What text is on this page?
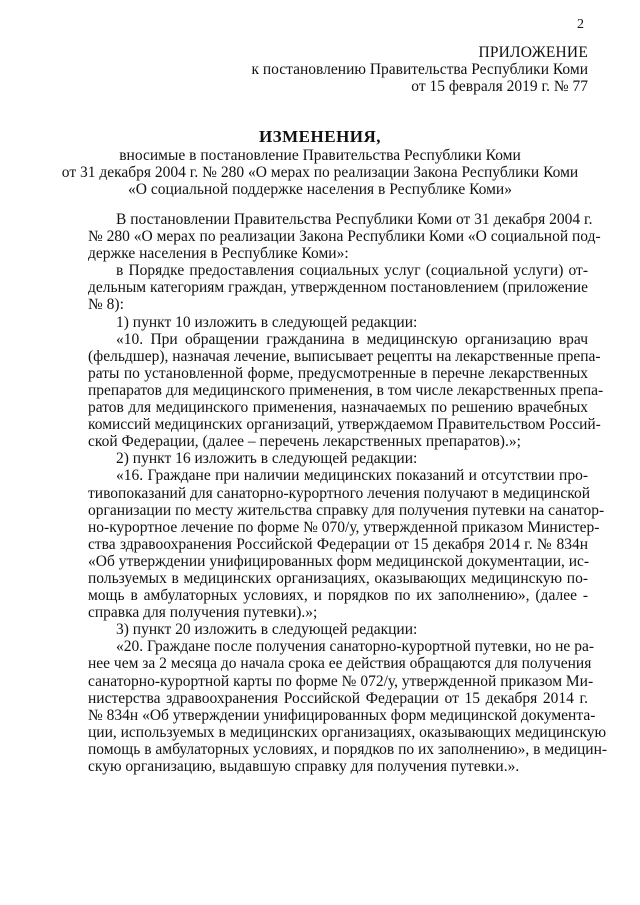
2
ПРИЛОЖЕНИЕ
к постановлению Правительства Республики Коми
от 15 февраля 2019 г. № 77
ИЗМЕНЕНИЯ,
вносимые в постановление Правительства Республики Коми
от 31 декабря 2004 г. № 280 «О мерах по реализации Закона Республики Коми
«О социальной поддержке населения в Республике Коми»
В постановлении Правительства Республики Коми от 31 декабря 2004 г.
№ 280 «О мерах по реализации Закона Республики Коми «О социальной под-
держке населения в Республике Коми»:
в Порядке предоставления социальных услуг (социальной услуги) от-
дельным категориям граждан, утвержденном постановлением (приложение
№ 8):
1) пункт 10 изложить в следующей редакции:
«10. При обращении гражданина в медицинскую организацию врач
(фельдшер), назначая лечение, выписывает рецепты на лекарственные препа-
раты по установленной форме, предусмотренные в перечне лекарственных
препаратов для медицинского применения, в том числе лекарственных препа-
ратов для медицинского применения, назначаемых по решению врачебных
комиссий медицинских организаций, утверждаемом Правительством Россий-
ской Федерации, (далее – перечень лекарственных препаратов).»;
2) пункт 16 изложить в следующей редакции:
«16. Граждане при наличии медицинских показаний и отсутствии про-
тивопоказаний для санаторно-курортного лечения получают в медицинской
организации по месту жительства справку для получения путевки на санатор-
но-курортное лечение по форме № 070/у, утвержденной приказом Министер-
ства здравоохранения Российской Федерации от 15 декабря 2014 г. № 834н
«Об утверждении унифицированных форм медицинской документации, ис-
пользуемых в медицинских организациях, оказывающих медицинскую по-
мощь в амбулаторных условиях, и порядков по их заполнению», (далее -
справка для получения путевки).»;
3) пункт 20 изложить в следующей редакции:
«20. Граждане после получения санаторно-курортной путевки, но не ра-
нее чем за 2 месяца до начала срока ее действия обращаются для получения
санаторно-курортной карты по форме № 072/у, утвержденной приказом Ми-
нистерства здравоохранения Российской Федерации от 15 декабря 2014 г.
№ 834н «Об утверждении унифицированных форм медицинской документа-
ции, используемых в медицинских организациях, оказывающих медицинскую
помощь в амбулаторных условиях, и порядков по их заполнению», в медицин-
скую организацию, выдавшую справку для получения путевки.».
